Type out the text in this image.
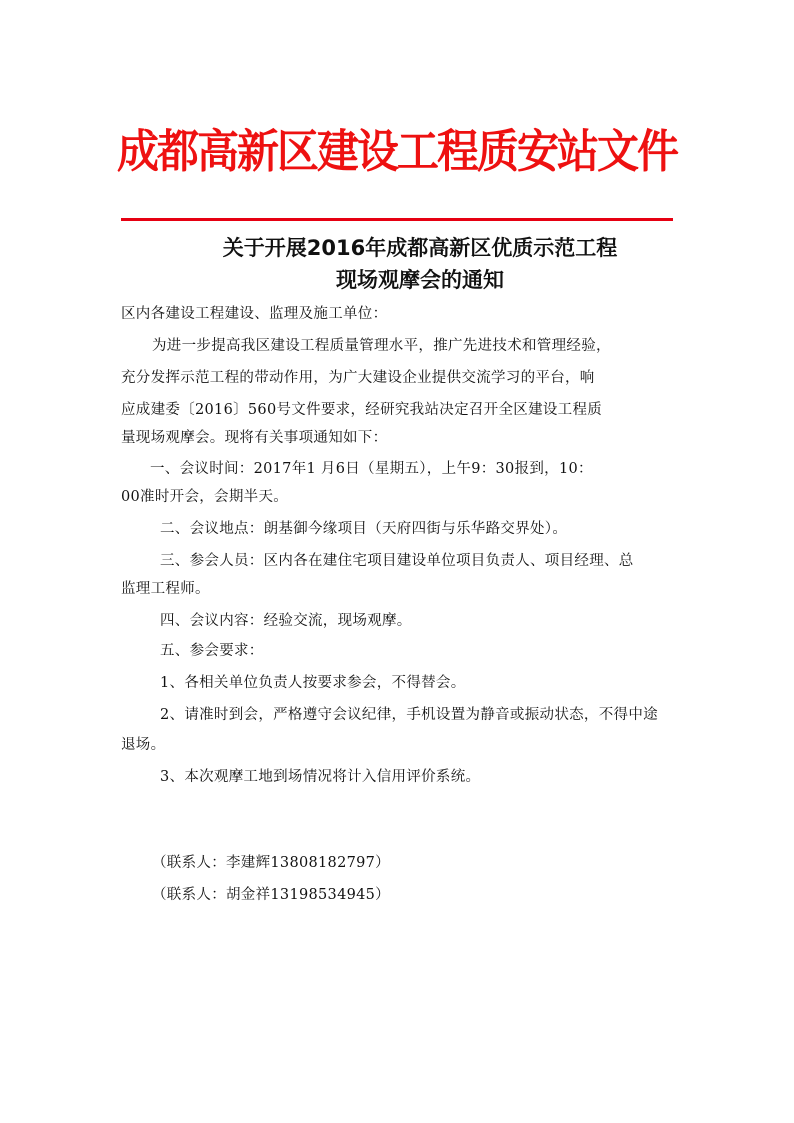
成都高新区建设工程质安站文件
关于开展2016年成都高新区优质示范工程
现场观摩会的通知
区内各建设工程建设、监理及施工单位：
为进一步提高我区建设工程质量管理水平，推广先进技术和管理经验，
充分发挥示范工程的带动作用，为广大建设企业提供交流学习的平台，响
应成建委〔2016〕560号文件要求，经研究我站决定召开全区建设工程质
量现场观摩会。现将有关事项通知如下：
一、会议时间：2017年1 月6日（星期五），上午9：30报到，10：
00准时开会，会期半天。
二、会议地点：朗基御今缘项目（天府四街与乐华路交界处）。
三、参会人员：区内各在建住宅项目建设单位项目负责人、项目经理、总
监理工程师。
四、会议内容：经验交流，现场观摩。
五、参会要求：
1、各相关单位负责人按要求参会，不得替会。
2、请准时到会，严格遵守会议纪律，手机设置为静音或振动状态，不得中途
退场。
3、本次观摩工地到场情况将计入信用评价系统。
（联系人：李建辉13808182797）
（联系人：胡金祥13198534945）
